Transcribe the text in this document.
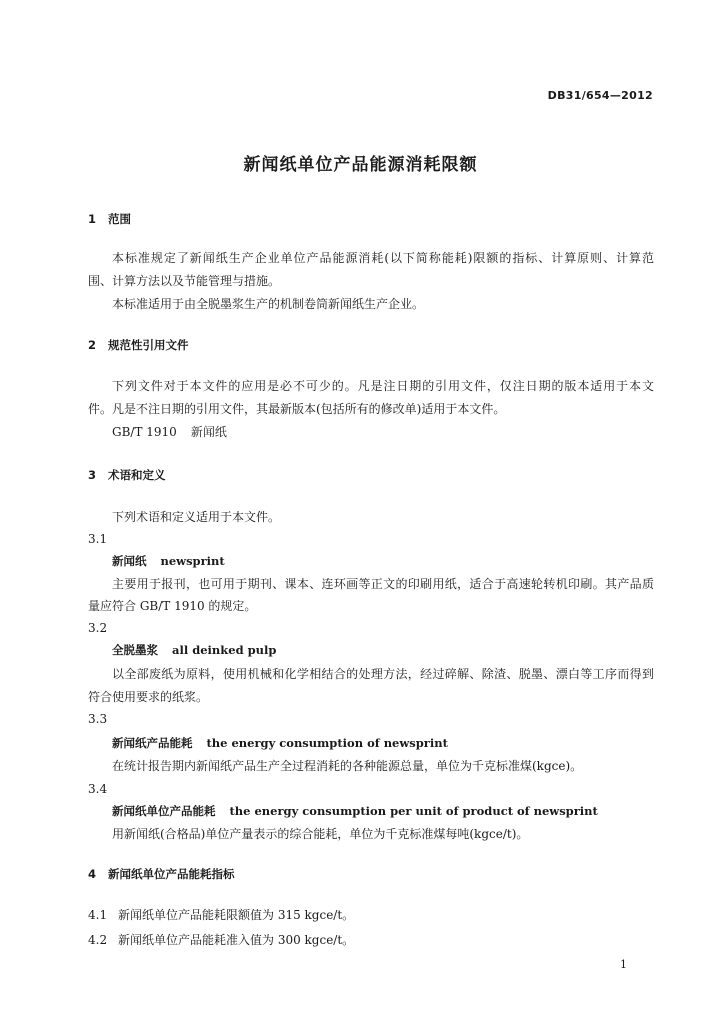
DB31/654—2012
新闻纸单位产品能源消耗限额
1 范围
本标准规定了新闻纸生产企业单位产品能源消耗(以下简称能耗)限额的指标、计算原则、计算范
围、计算方法以及节能管理与措施。
本标准适用于由全脱墨浆生产的机制卷筒新闻纸生产企业。
2 规范性引用文件
下列文件对于本文件的应用是必不可少的。凡是注日期的引用文件，仅注日期的版本适用于本文
件。凡是不注日期的引用文件，其最新版本(包括所有的修改单)适用于本文件。
GB/T 1910 新闻纸
3 术语和定义
下列术语和定义适用于本文件。
3.1
新闻纸 newsprint
主要用于报刊，也可用于期刊、课本、连环画等正文的印刷用纸，适合于高速轮转机印刷。其产品质
量应符合 GB/T 1910 的规定。
3.2
全脱墨浆 all deinked pulp
以全部废纸为原料，使用机械和化学相结合的处理方法，经过碎解、除渣、脱墨、漂白等工序而得到
符合使用要求的纸浆。
3.3
新闻纸产品能耗 the energy consumption of newsprint
在统计报告期内新闻纸产品生产全过程消耗的各种能源总量，单位为千克标准煤(kgce)。
3.4
新闻纸单位产品能耗 the energy consumption per unit of product of newsprint
用新闻纸(合格品)单位产量表示的综合能耗，单位为千克标准煤每吨(kgce/t)。
4 新闻纸单位产品能耗指标
4.1 新闻纸单位产品能耗限额值为 315 kgce/t。
4.2 新闻纸单位产品能耗准入值为 300 kgce/t。
1
